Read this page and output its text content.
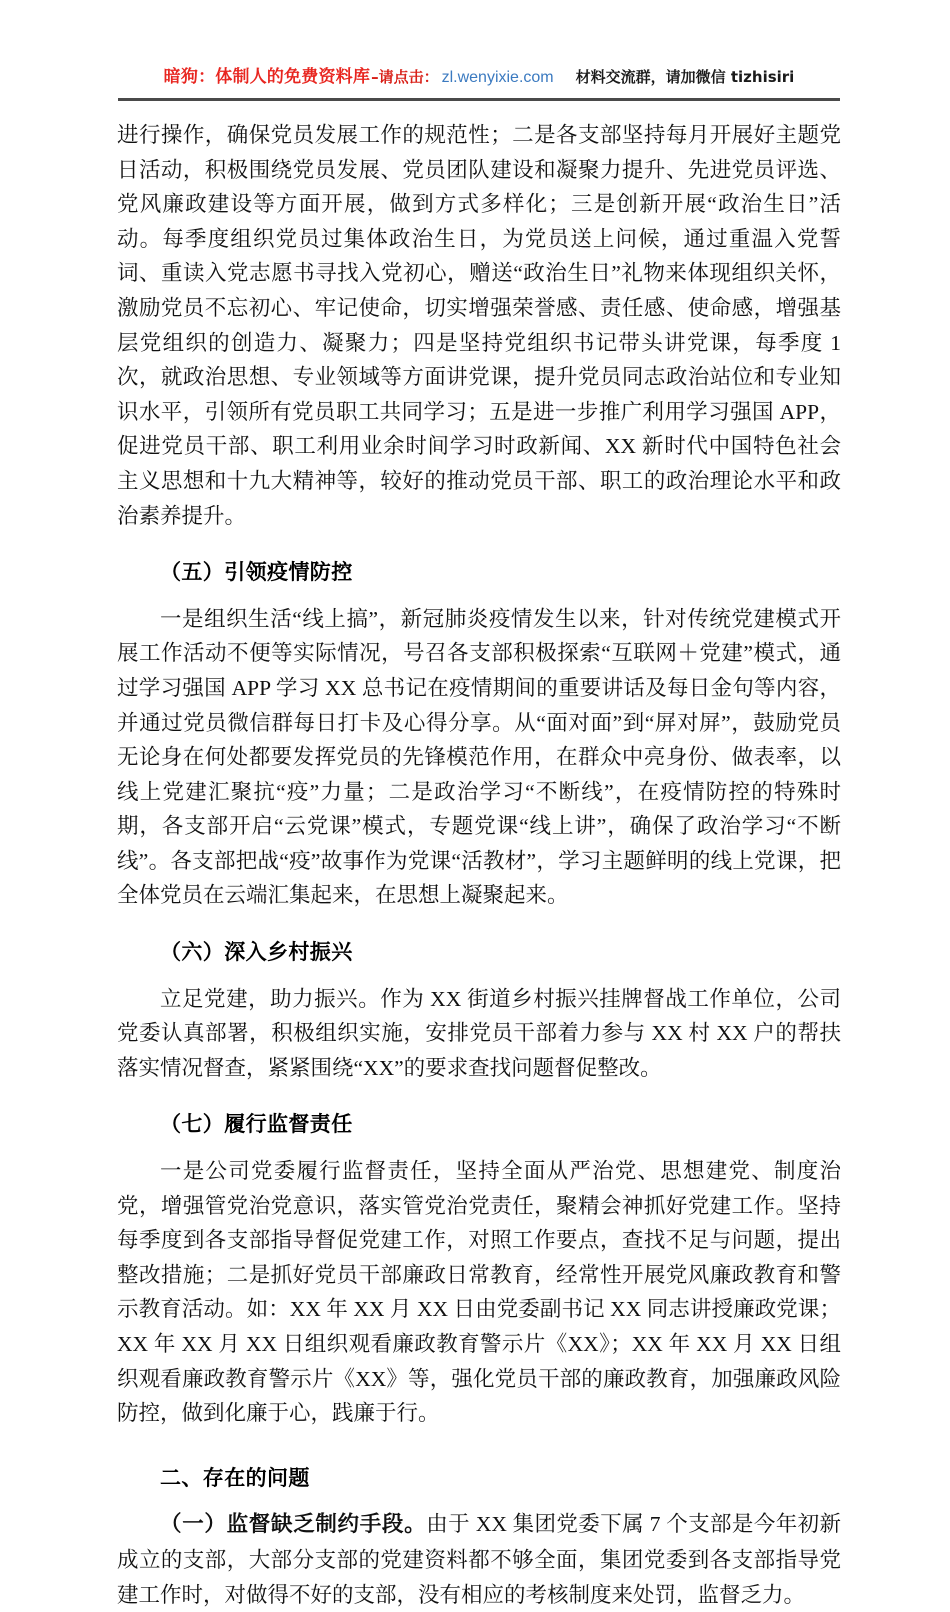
暗狗：体制人的免费资料库–请点击： zl.wenyixie.com 材料交流群，请加微信 tizhisiri

进行操作，确保党员发展工作的规范性；二是各支部坚持每月开展好主题党日活动，积极围绕党员发展、党员团队建设和凝聚力提升、先进党员评选、党风廉政建设等方面开展，做到方式多样化；三是创新开展“政治生日”活动。每季度组织党员过集体政治生日，为党员送上问候，通过重温入党誓词、重读入党志愿书寻找入党初心，赠送“政治生日”礼物来体现组织关怀，激励党员不忘初心、牢记使命，切实增强荣誉感、责任感、使命感，增强基层党组织的创造力、凝聚力；四是坚持党组织书记带头讲党课，每季度 1 次，就政治思想、专业领域等方面讲党课，提升党员同志政治站位和专业知识水平，引领所有党员职工共同学习；五是进一步推广利用学习强国 APP，促进党员干部、职工利用业余时间学习时政新闻、XX 新时代中国特色社会主义思想和十九大精神等，较好的推动党员干部、职工的政治理论水平和政治素养提升。

（五）引领疫情防控

一是组织生活“线上搞”，新冠肺炎疫情发生以来，针对传统党建模式开展工作活动不便等实际情况，号召各支部积极探索“互联网＋党建”模式，通过学习强国 APP 学习 XX 总书记在疫情期间的重要讲话及每日金句等内容，并通过党员微信群每日打卡及心得分享。从“面对面”到“屏对屏”，鼓励党员无论身在何处都要发挥党员的先锋模范作用，在群众中亮身份、做表率，以线上党建汇聚抗“疫”力量；二是政治学习“不断线”，在疫情防控的特殊时期，各支部开启“云党课”模式，专题党课“线上讲”，确保了政治学习“不断线”。各支部把战“疫”故事作为党课“活教材”，学习主题鲜明的线上党课，把全体党员在云端汇集起来，在思想上凝聚起来。

（六）深入乡村振兴

立足党建，助力振兴。作为 XX 街道乡村振兴挂牌督战工作单位，公司党委认真部署，积极组织实施，安排党员干部着力参与 XX 村 XX 户的帮扶落实情况督查，紧紧围绕“XX”的要求查找问题督促整改。

（七）履行监督责任

一是公司党委履行监督责任，坚持全面从严治党、思想建党、制度治党，增强管党治党意识，落实管党治党责任，聚精会神抓好党建工作。坚持每季度到各支部指导督促党建工作，对照工作要点，查找不足与问题，提出整改措施；二是抓好党员干部廉政日常教育，经常性开展党风廉政教育和警示教育活动。如：XX 年 XX 月 XX 日由党委副书记 XX 同志讲授廉政党课；XX 年 XX 月 XX 日组织观看廉政教育警示片《XX》；XX 年 XX 月 XX 日组织观看廉政教育警示片《XX》等，强化党员干部的廉政教育，加强廉政风险防控，做到化廉于心，践廉于行。

二、存在的问题

（一）监督缺乏制约手段。由于 XX 集团党委下属 7 个支部是今年初新成立的支部，大部分支部的党建资料都不够全面，集团党委到各支部指导党建工作时，对做得不好的支部，没有相应的考核制度来处罚，监督乏力。
